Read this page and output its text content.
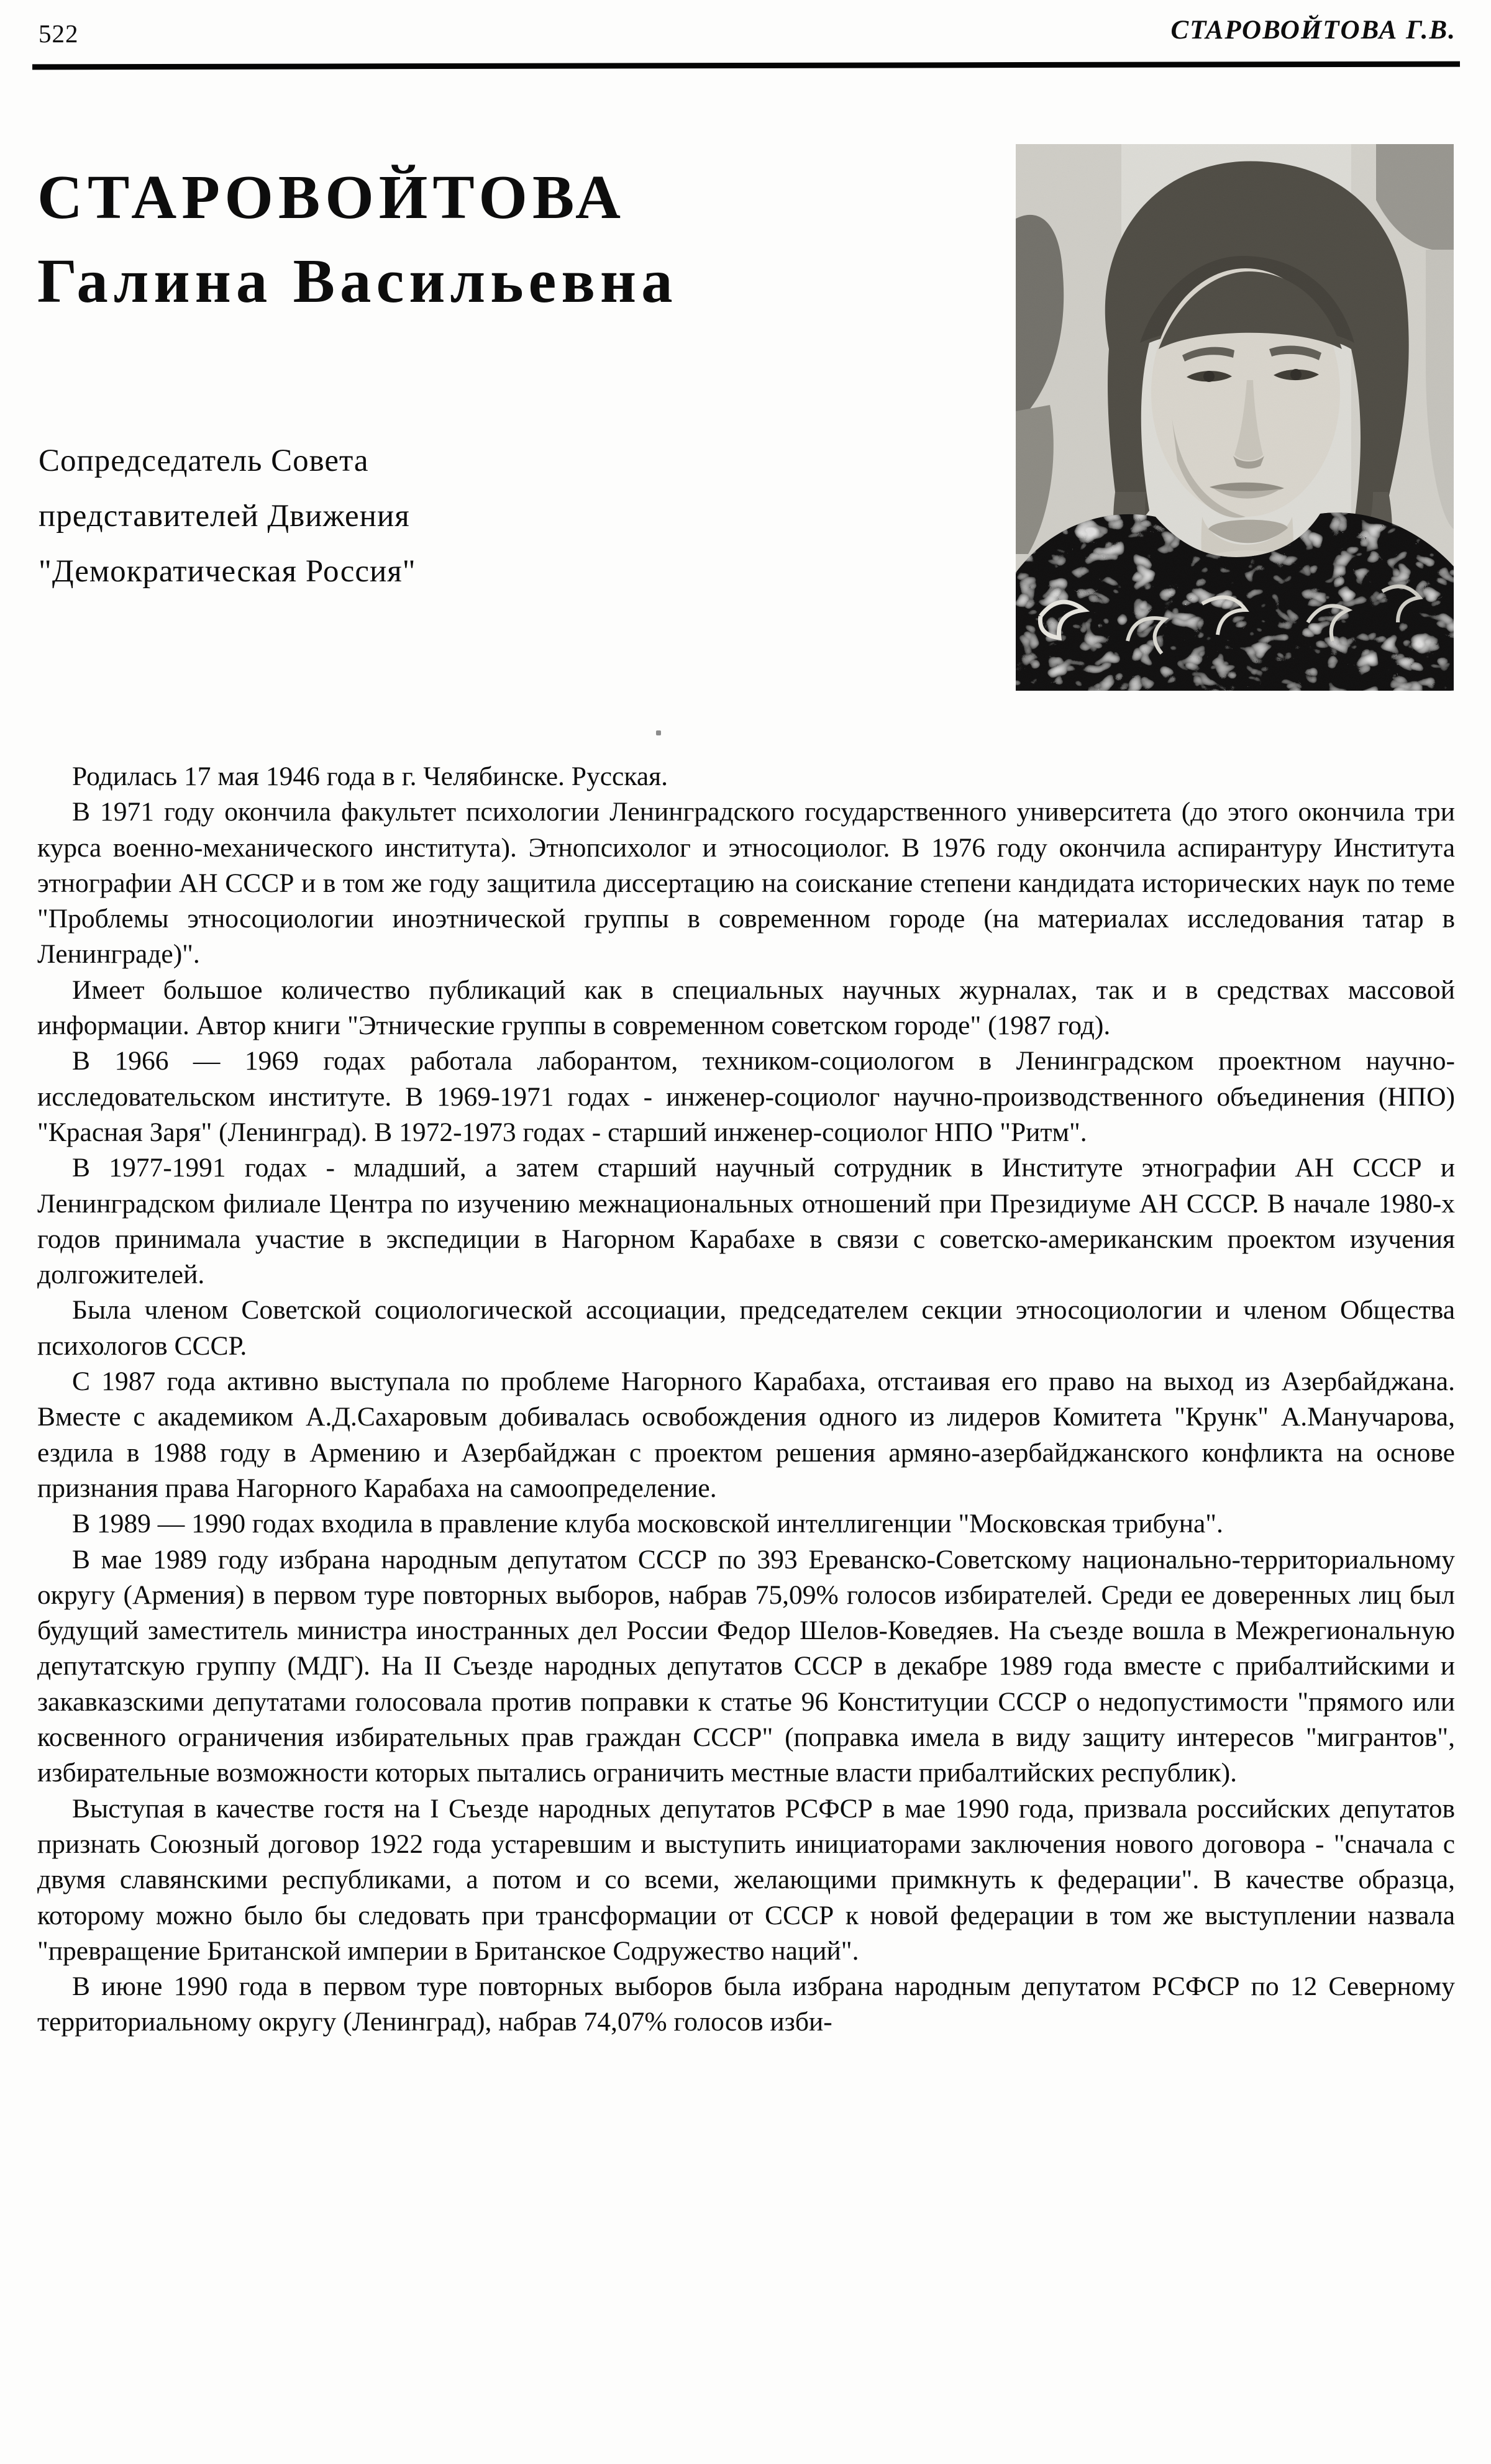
522	СТАРОВОЙТОВА Г.В.
СТАРОВОЙТОВА
Галина Васильевна
Сопредседатель Совета
представителей Движения
"Демократическая Россия"

Родилась 17 мая 1946 года в г. Челябинске. Русская.

В 1971 году окончила факультет психологии Ленинградского государственного университета (до этого окончила три курса военно-механического института). Этнопсихолог и этносоциолог. В 1976 году окончила аспирантуру Института этнографии АН СССР и в том же году защитила диссертацию на соискание степени кандидата исторических наук по теме "Проблемы этносоциологии иноэтнической группы в современном городе (на материалах исследования татар в Ленинграде)".

Имеет большое количество публикаций как в специальных научных журналах, так и в средствах массовой информации. Автор книги "Этнические группы в современном советском городе" (1987 год).

В 1966 — 1969 годах работала лаборантом, техником-социологом в Ленинградском проектном научно-исследовательском институте. В 1969-1971 годах - инженер-социолог научно-производственного объединения (НПО) "Красная Заря" (Ленинград). В 1972-1973 годах - старший инженер-социолог НПО "Ритм".

В 1977-1991 годах - младший, а затем старший научный сотрудник в Институте этнографии АН СССР и Ленинградском филиале Центра по изучению межнациональных отношений при Президиуме АН СССР. В начале 1980-х годов принимала участие в экспедиции в Нагорном Карабахе в связи с советско-американским проектом изучения долгожителей.

Была членом Советской социологической ассоциации, председателем секции этносоциологии и членом Общества психологов СССР.

С 1987 года активно выступала по проблеме Нагорного Карабаха, отстаивая его право на выход из Азербайджана. Вместе с академиком А.Д.Сахаровым добивалась освобождения одного из лидеров Комитета "Крунк" А.Манучарова, ездила в 1988 году в Армению и Азербайджан с проектом решения армяно-азербайджанского конфликта на основе признания права Нагорного Карабаха на самоопределение.

В 1989 — 1990 годах входила в правление клуба московской интеллигенции "Московская трибуна".

В мае 1989 году избрана народным депутатом СССР по 393 Ереванско-Советскому национально-территориальному округу (Армения) в первом туре повторных выборов, набрав 75,09% голосов избирателей. Среди ее доверенных лиц был будущий заместитель министра иностранных дел России Федор Шелов-Коведяев. На съезде вошла в Межрегиональную депутатскую группу (МДГ). На II Съезде народных депутатов СССР в декабре 1989 года вместе с прибалтийскими и закавказскими депутатами голосовала против поправки к статье 96 Конституции СССР о недопустимости "прямого или косвенного ограничения избирательных прав граждан СССР" (поправка имела в виду защиту интересов "мигрантов", избирательные возможности которых пытались ограничить местные власти прибалтийских республик).

Выступая в качестве гостя на I Съезде народных депутатов РСФСР в мае 1990 года, призвала российских депутатов признать Союзный договор 1922 года устаревшим и выступить инициаторами заключения нового договора - "сначала с двумя славянскими республиками, а потом и со всеми, желающими примкнуть к федерации". В качестве образца, которому можно было бы следовать при трансформации от СССР к новой федерации в том же выступлении назвала "превращение Британской империи в Британское Содружество наций".

В июне 1990 года в первом туре повторных выборов была избрана народным депутатом РСФСР по 12 Северному территориальному округу (Ленинград), набрав 74,07% голосов изби-
